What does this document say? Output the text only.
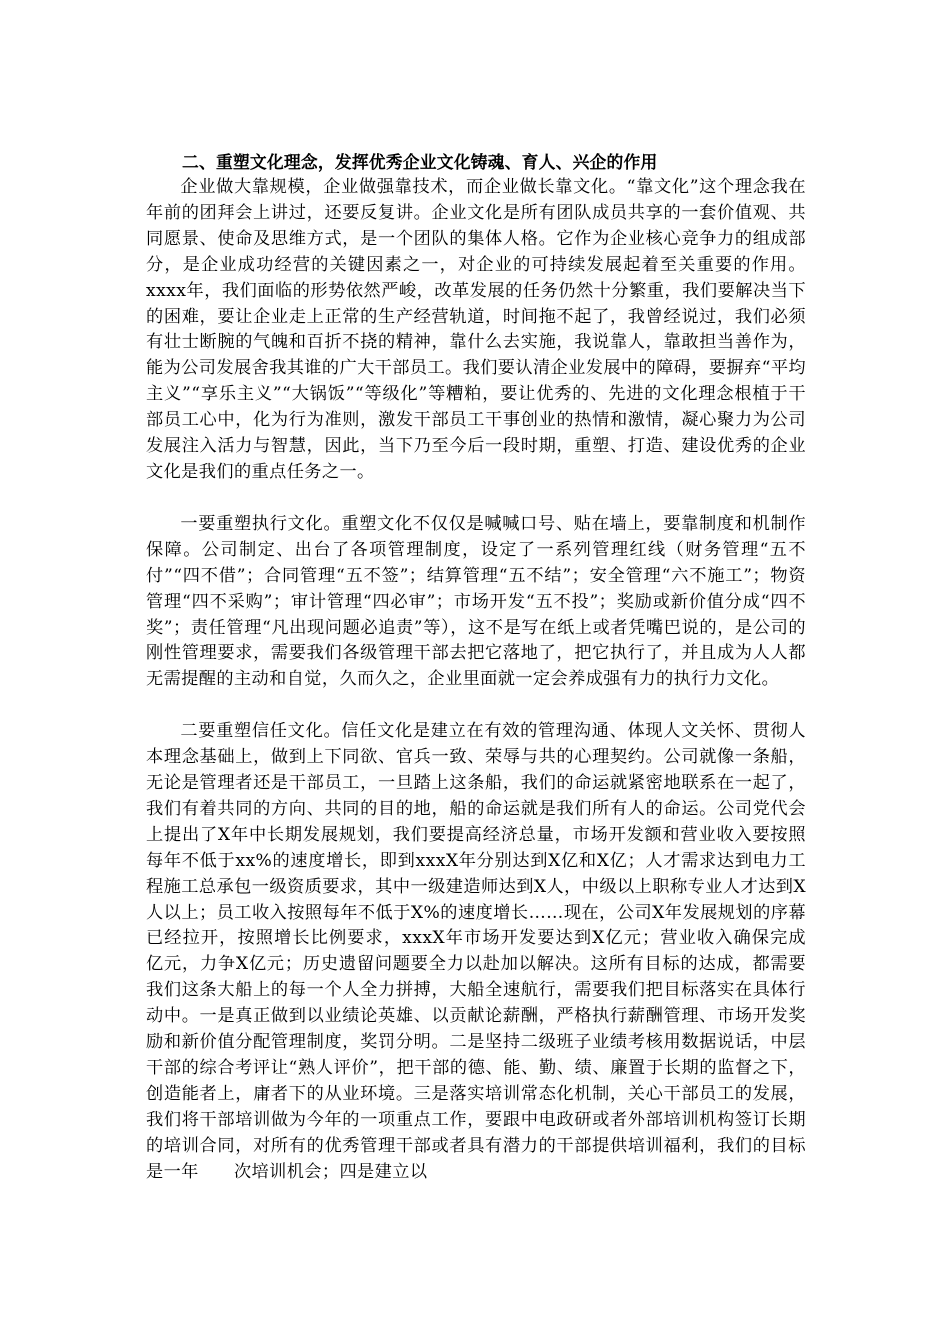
二、重塑文化理念，发挥优秀企业文化铸魂、育人、兴企的作用

企业做大靠规模，企业做强靠技术，而企业做长靠文化。“靠文化”这个理念我在年前的团拜会上讲过，还要反复讲。企业文化是所有团队成员共享的一套价值观、共同愿景、使命及思维方式，是一个团队的集体人格。它作为企业核心竞争力的组成部分，是企业成功经营的关键因素之一，对企业的可持续发展起着至关重要的作用。xxxx年，我们面临的形势依然严峻，改革发展的任务仍然十分繁重，我们要解决当下的困难，要让企业走上正常的生产经营轨道，时间拖不起了，我曾经说过，我们必须有壮士断腕的气魄和百折不挠的精神，靠什么去实施，我说靠人，靠敢担当善作为，能为公司发展舍我其谁的广大干部员工。我们要认清企业发展中的障碍，要摒弃“平均主义”“享乐主义”“大锅饭”“等级化”等糟粕，要让优秀的、先进的文化理念根植于干部员工心中，化为行为准则，激发干部员工干事创业的热情和激情，凝心聚力为公司发展注入活力与智慧，因此，当下乃至今后一段时期，重塑、打造、建设优秀的企业文化是我们的重点任务之一。

一要重塑执行文化。重塑文化不仅仅是喊喊口号、贴在墙上，要靠制度和机制作保障。公司制定、出台了各项管理制度，设定了一系列管理红线（财务管理“五不付”“四不借”；合同管理“五不签”；结算管理“五不结”；安全管理“六不施工”；物资管理“四不采购”；审计管理“四必审”；市场开发“五不投”；奖励或新价值分成“四不奖”；责任管理“凡出现问题必追责”等），这不是写在纸上或者凭嘴巴说的，是公司的刚性管理要求，需要我们各级管理干部去把它落地了，把它执行了，并且成为人人都无需提醒的主动和自觉，久而久之，企业里面就一定会养成强有力的执行力文化。

二要重塑信任文化。信任文化是建立在有效的管理沟通、体现人文关怀、贯彻人本理念基础上，做到上下同欲、官兵一致、荣辱与共的心理契约。公司就像一条船，无论是管理者还是干部员工，一旦踏上这条船，我们的命运就紧密地联系在一起了，我们有着共同的方向、共同的目的地，船的命运就是我们所有人的命运。公司党代会上提出了X年中长期发展规划，我们要提高经济总量，市场开发额和营业收入要按照每年不低于xx%的速度增长，即到xxxX年分别达到X亿和X亿；人才需求达到电力工程施工总承包一级资质要求，其中一级建造师达到X人，中级以上职称专业人才达到X人以上；员工收入按照每年不低于X%的速度增长……现在，公司X年发展规划的序幕已经拉开，按照增长比例要求，xxxX年市场开发要达到X亿元；营业收入确保完成　　亿元，力争X亿元；历史遗留问题要全力以赴加以解决。这所有目标的达成，都需要我们这条大船上的每一个人全力拼搏，大船全速航行，需要我们把目标落实在具体行动中。一是真正做到以业绩论英雄、以贡献论薪酬，严格执行薪酬管理、市场开发奖励和新价值分配管理制度，奖罚分明。二是坚持二级班子业绩考核用数据说话，中层干部的综合考评让“熟人评价”，把干部的德、能、勤、绩、廉置于长期的监督之下，创造能者上，庸者下的从业环境。三是落实培训常态化机制，关心干部员工的发展，我们将干部培训做为今年的一项重点工作，要跟中电政研或者外部培训机构签订长期的培训合同，对所有的优秀管理干部或者具有潜力的干部提供培训福利，我们的目标是一年　　次培训机会；四是建立以
